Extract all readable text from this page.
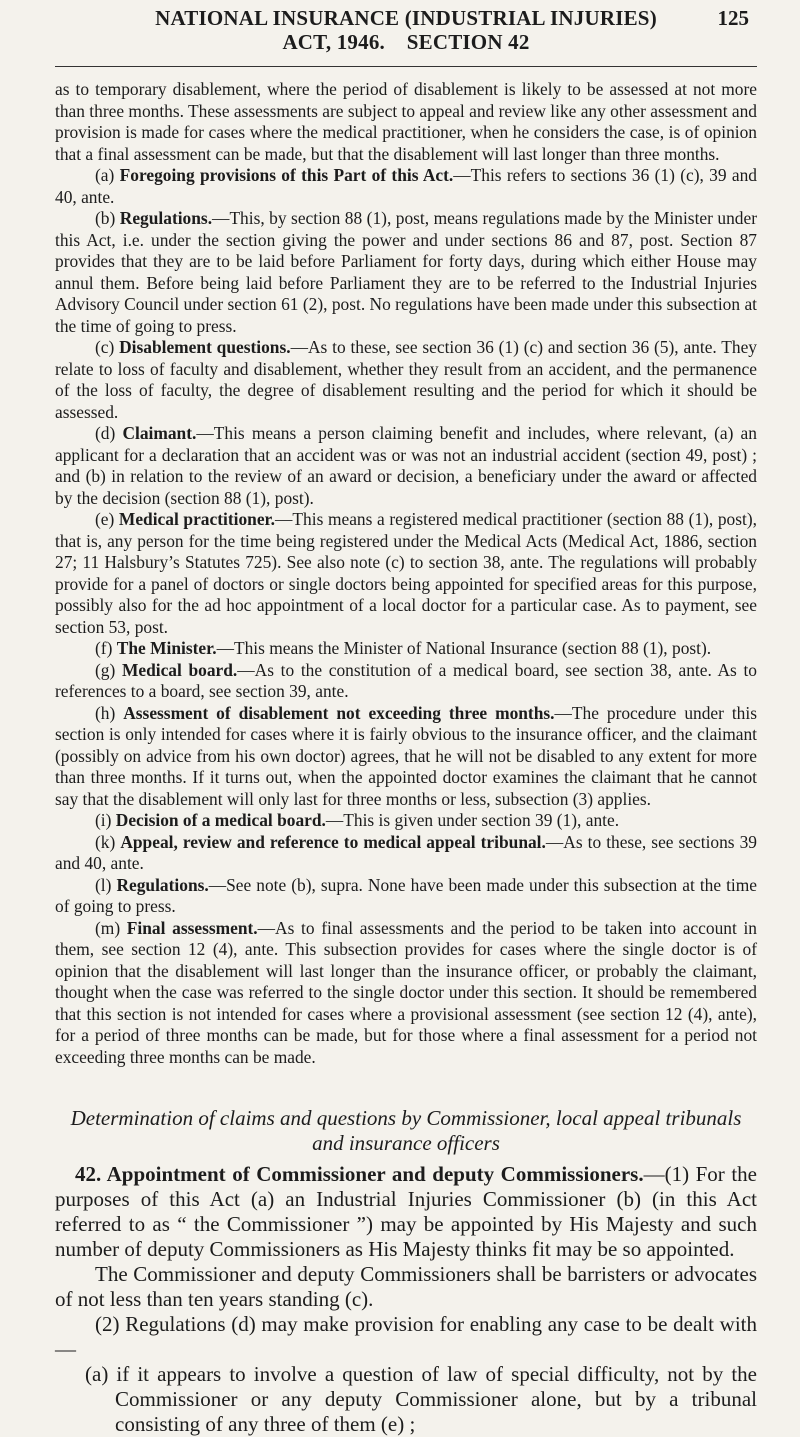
NATIONAL INSURANCE (INDUSTRIAL INJURIES)
ACT, 1946.    SECTION 42
125

as to temporary disablement, where the period of disablement is likely to be assessed at not more than three months. These assessments are subject to appeal and review like any other assessment and provision is made for cases where the medical practitioner, when he considers the case, is of opinion that a final assessment can be made, but that the disablement will last longer than three months.

(a) Foregoing provisions of this Part of this Act.—This refers to sections 36 (1) (c), 39 and 40, ante.

(b) Regulations.—This, by section 88 (1), post, means regulations made by the Minister under this Act, i.e. under the section giving the power and under sections 86 and 87, post. Section 87 provides that they are to be laid before Parliament for forty days, during which either House may annul them. Before being laid before Parliament they are to be referred to the Industrial Injuries Advisory Council under section 61 (2), post. No regulations have been made under this subsection at the time of going to press.

(c) Disablement questions.—As to these, see section 36 (1) (c) and section 36 (5), ante. They relate to loss of faculty and disablement, whether they result from an accident, and the permanence of the loss of faculty, the degree of disablement resulting and the period for which it should be assessed.

(d) Claimant.—This means a person claiming benefit and includes, where relevant, (a) an applicant for a declaration that an accident was or was not an industrial accident (section 49, post) ; and (b) in relation to the review of an award or decision, a beneficiary under the award or affected by the decision (section 88 (1), post).

(e) Medical practitioner.—This means a registered medical practitioner (section 88 (1), post), that is, any person for the time being registered under the Medical Acts (Medical Act, 1886, section 27; 11 Halsbury’s Statutes 725). See also note (c) to section 38, ante. The regulations will probably provide for a panel of doctors or single doctors being appointed for specified areas for this purpose, possibly also for the ad hoc appointment of a local doctor for a particular case. As to payment, see section 53, post.

(f) The Minister.—This means the Minister of National Insurance (section 88 (1), post).

(g) Medical board.—As to the constitution of a medical board, see section 38, ante. As to references to a board, see section 39, ante.

(h) Assessment of disablement not exceeding three months.—The procedure under this section is only intended for cases where it is fairly obvious to the insurance officer, and the claimant (possibly on advice from his own doctor) agrees, that he will not be disabled to any extent for more than three months. If it turns out, when the appointed doctor examines the claimant that he cannot say that the disablement will only last for three months or less, subsection (3) applies.

(i) Decision of a medical board.—This is given under section 39 (1), ante.

(k) Appeal, review and reference to medical appeal tribunal.—As to these, see sections 39 and 40, ante.

(l) Regulations.—See note (b), supra. None have been made under this subsection at the time of going to press.

(m) Final assessment.—As to final assessments and the period to be taken into account in them, see section 12 (4), ante. This subsection provides for cases where the single doctor is of opinion that the disablement will last longer than the insurance officer, or probably the claimant, thought when the case was referred to the single doctor under this section. It should be remembered that this section is not intended for cases where a provisional assessment (see section 12 (4), ante), for a period of three months can be made, but for those where a final assessment for a period not exceeding three months can be made.

Determination of claims and questions by Commissioner, local appeal tribunals and insurance officers

42. Appointment of Commissioner and deputy Commissioners.—(1) For the purposes of this Act (a) an Industrial Injuries Commissioner (b) (in this Act referred to as “ the Commissioner ”) may be appointed by His Majesty and such number of deputy Commissioners as His Majesty thinks fit may be so appointed.

The Commissioner and deputy Commissioners shall be barristers or advocates of not less than ten years standing (c).

(2) Regulations (d) may make provision for enabling any case to be dealt with—

(a) if it appears to involve a question of law of special difficulty, not by the Commissioner or any deputy Commissioner alone, but by a tribunal consisting of any three of them (e) ;
